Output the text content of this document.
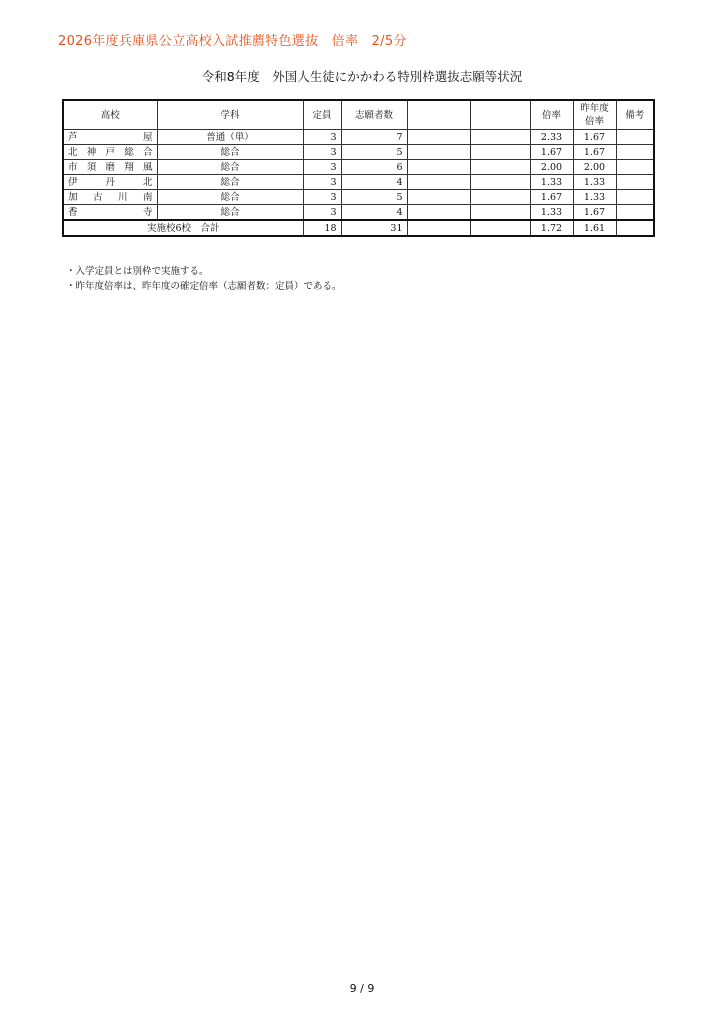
2026年度兵庫県公立高校入試推薦特色選抜　倍率　2/5分
令和8年度　外国人生徒にかかわる特別枠選抜志願等状況
高校	学科	定員	志願者数			倍率	昨年度倍率	備考
芦屋	普通（単）	3	7			2.33	1.67	
北神戸総合	総合	3	5			1.67	1.67	
市須磨翔風	総合	3	6			2.00	2.00	
伊丹北	総合	3	4			1.33	1.33	
加古川南	総合	3	5			1.67	1.33	
香寺	総合	3	4			1.33	1.67	
実施校6校　合計		18	31			1.72	1.61	
・入学定員とは別枠で実施する。
・昨年度倍率は、昨年度の確定倍率（志願者数：定員）である。
9 / 9
